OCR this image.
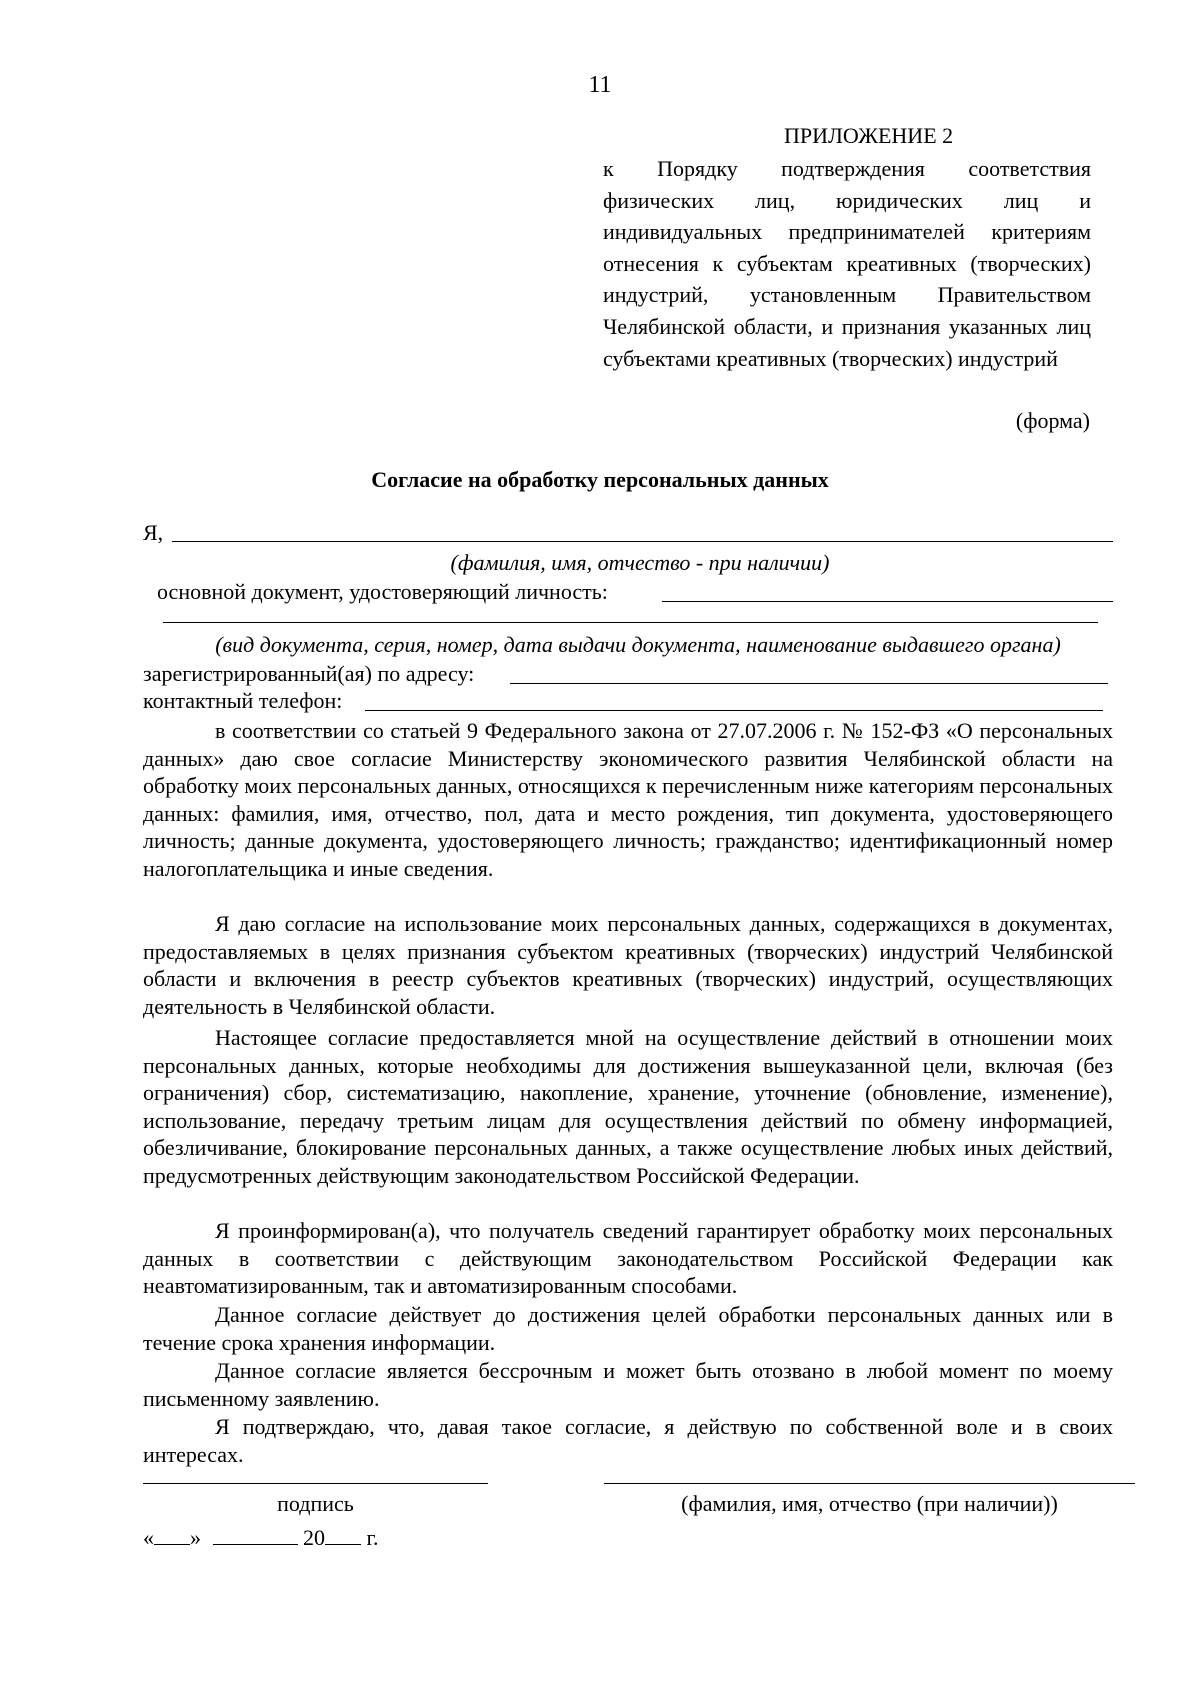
11
ПРИЛОЖЕНИЕ 2
к Порядку подтверждения соответствия физических лиц, юридических лиц и индивидуальных предпринимателей критериям отнесения к субъектам креативных (творческих) индустрий, установленным Правительством Челябинской области, и признания указанных лиц субъектами креативных (творческих) индустрий
(форма)
Согласие на обработку персональных данных
Я,
(фамилия, имя, отчество - при наличии)
основной документ, удостоверяющий личность:
(вид документа, серия, номер, дата выдачи документа, наименование выдавшего органа)
зарегистрированный(ая) по адресу:
контактный телефон:
в соответствии со статьей 9 Федерального закона от 27.07.2006 г. № 152-ФЗ «О персональных данных» даю свое согласие Министерству экономического развития Челябинской области на обработку моих персональных данных, относящихся к перечисленным ниже категориям персональных данных: фамилия, имя, отчество, пол, дата и место рождения, тип документа, удостоверяющего личность; данные документа, удостоверяющего личность; гражданство; идентификационный номер налогоплательщика и иные сведения.
Я даю согласие на использование моих персональных данных, содержащихся в документах, предоставляемых в целях признания субъектом креативных (творческих) индустрий Челябинской области и включения в реестр субъектов креативных (творческих) индустрий, осуществляющих деятельность в Челябинской области.
Настоящее согласие предоставляется мной на осуществление действий в отношении моих персональных данных, которые необходимы для достижения вышеуказанной цели, включая (без ограничения) сбор, систематизацию, накопление, хранение, уточнение (обновление, изменение), использование, передачу третьим лицам для осуществления действий по обмену информацией, обезличивание, блокирование персональных данных, а также осуществление любых иных действий, предусмотренных действующим законодательством Российской Федерации.
Я проинформирован(а), что получатель сведений гарантирует обработку моих персональных данных в соответствии с действующим законодательством Российской Федерации как неавтоматизированным, так и автоматизированным способами.
Данное согласие действует до достижения целей обработки персональных данных или в течение срока хранения информации.
Данное согласие является бессрочным и может быть отозвано в любой момент по моему письменному заявлению.
Я подтверждаю, что, давая такое согласие, я действую по собственной воле и в своих интересах.
подпись	(фамилия, имя, отчество (при наличии))
« »	20 г.
